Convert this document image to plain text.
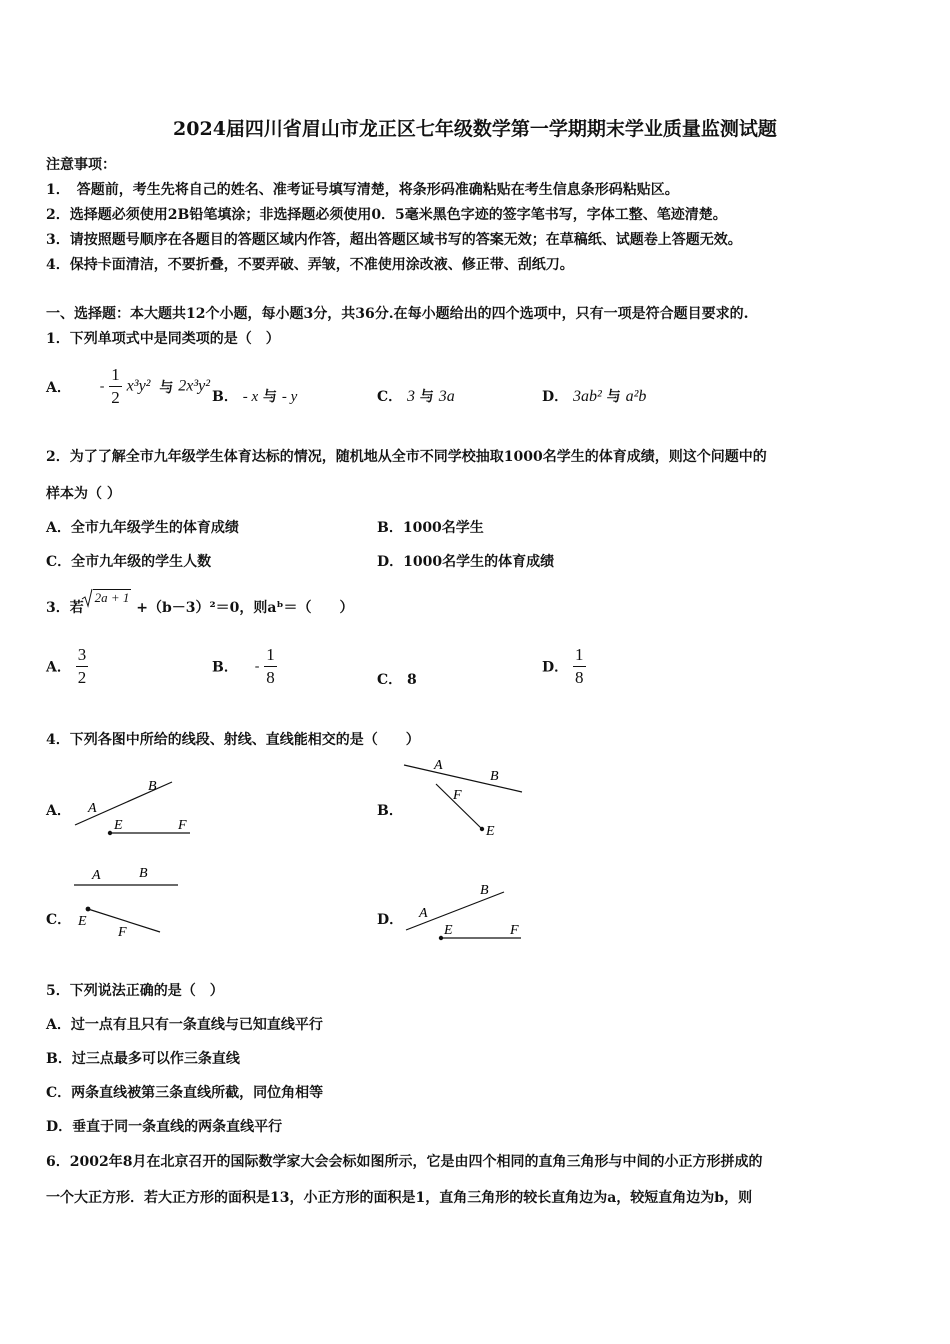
2024届四川省眉山市龙正区七年级数学第一学期期末学业质量监测试题
注意事项：
1．　答题前，考生先将自己的姓名、准考证号填写清楚，将条形码准确粘贴在考生信息条形码粘贴区。
2．选择题必须使用2B铅笔填涂；非选择题必须使用0．5毫米黑色字迹的签字笔书写，字体工整、笔迹清楚。
3．请按照题号顺序在各题目的答题区域内作答，超出答题区域书写的答案无效；在草稿纸、试题卷上答题无效。
4．保持卡面清洁，不要折叠，不要弄破、弄皱，不准使用涂改液、修正带、刮纸刀。
一、选择题：本大题共12个小题，每小题3分，共36分.在每小题给出的四个选项中，只有一项是符合题目要求的.
1．下列单项式中是同类项的是（　）
A． - $\frac{1}{2} x^3y^2$ 与 2x³y²
B． - x 与 - y	C． 3 与 3a	D． 3ab² 与 a²b
2．为了了解全市九年级学生体育达标的情况，随机地从全市不同学校抽取1000名学生的体育成绩，则这个问题中的
样本为（ ）
A．全市九年级学生的体育成绩	B．1000名学生
C．全市九年级的学生人数	D．1000名学生的体育成绩
3．若
2a + 1 +（b－3）²＝0，则aᵇ＝（　　）
A． $\frac{3}{2}$	B． - $\frac{1}{8}$	C． 8
D． $\frac{1}{8}$
4．下列各图中所给的线段、射线、直线能相交的是（　　）
A． A
B
E	F
B．
A
B
F
E
C．
A	B
E
F
D． A
B
E	F
5．下列说法正确的是（　）
A．过一点有且只有一条直线与已知直线平行
B．过三点最多可以作三条直线
C．两条直线被第三条直线所截，同位角相等
D．垂直于同一条直线的两条直线平行
6．2002年8月在北京召开的国际数学家大会会标如图所示，它是由四个相同的直角三角形与中间的小正方形拼成的
一个大正方形．若大正方形的面积是13，小正方形的面积是1，直角三角形的较长直角边为a，较短直角边为b，则
